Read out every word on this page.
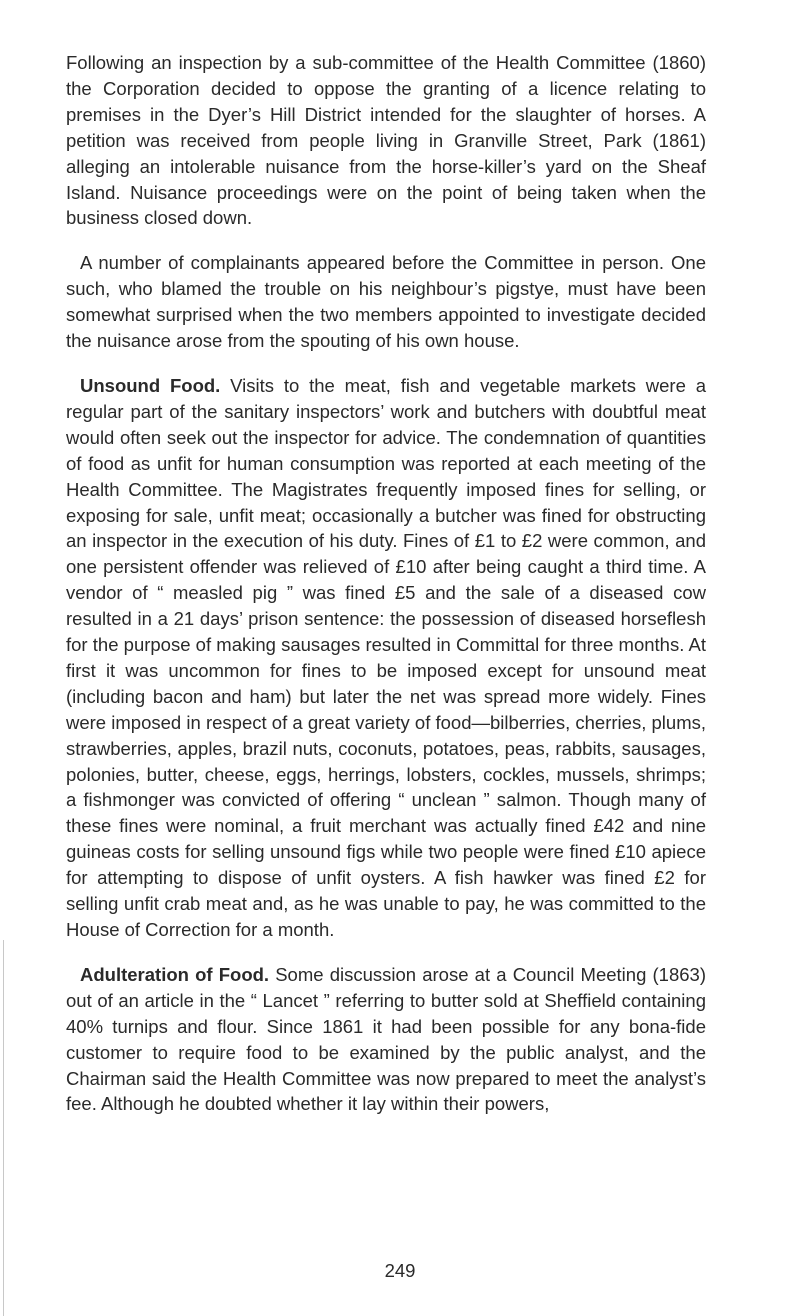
Following an inspection by a sub-committee of the Health Committee (1860) the Corporation decided to oppose the granting of a licence relating to premises in the Dyer’s Hill District intended for the slaughter of horses. A petition was received from people living in Granville Street, Park (1861) alleging an intolerable nuisance from the horse-killer’s yard on the Sheaf Island. Nuisance proceedings were on the point of being taken when the business closed down.

A number of complainants appeared before the Committee in person. One such, who blamed the trouble on his neighbour’s pigstye, must have been somewhat surprised when the two members appointed to investigate decided the nuisance arose from the spouting of his own house.

Unsound Food. Visits to the meat, fish and vegetable markets were a regular part of the sanitary inspectors’ work and butchers with doubtful meat would often seek out the inspector for advice. The condemnation of quantities of food as unfit for human consumption was reported at each meeting of the Health Committee. The Magistrates frequently imposed fines for selling, or exposing for sale, unfit meat; occasionally a butcher was fined for obstructing an inspector in the execution of his duty. Fines of £1 to £2 were common, and one persistent offender was relieved of £10 after being caught a third time. A vendor of “ measled pig ” was fined £5 and the sale of a diseased cow resulted in a 21 days’ prison sentence: the possession of diseased horseflesh for the purpose of making sausages resulted in Committal for three months. At first it was uncommon for fines to be imposed except for unsound meat (including bacon and ham) but later the net was spread more widely. Fines were imposed in respect of a great variety of food—bilberries, cherries, plums, strawberries, apples, brazil nuts, coconuts, potatoes, peas, rabbits, sausages, polonies, butter, cheese, eggs, herrings, lobsters, cockles, mussels, shrimps; a fishmonger was convicted of offering “ unclean ” salmon. Though many of these fines were nominal, a fruit merchant was actually fined £42 and nine guineas costs for selling unsound figs while two people were fined £10 apiece for attempting to dispose of unfit oysters. A fish hawker was fined £2 for selling unfit crab meat and, as he was unable to pay, he was committed to the House of Correction for a month.

Adulteration of Food. Some discussion arose at a Council Meeting (1863) out of an article in the “ Lancet ” referring to butter sold at Sheffield containing 40% turnips and flour. Since 1861 it had been possible for any bona-fide customer to require food to be examined by the public analyst, and the Chairman said the Health Committee was now prepared to meet the analyst’s fee. Although he doubted whether it lay within their powers,

249
